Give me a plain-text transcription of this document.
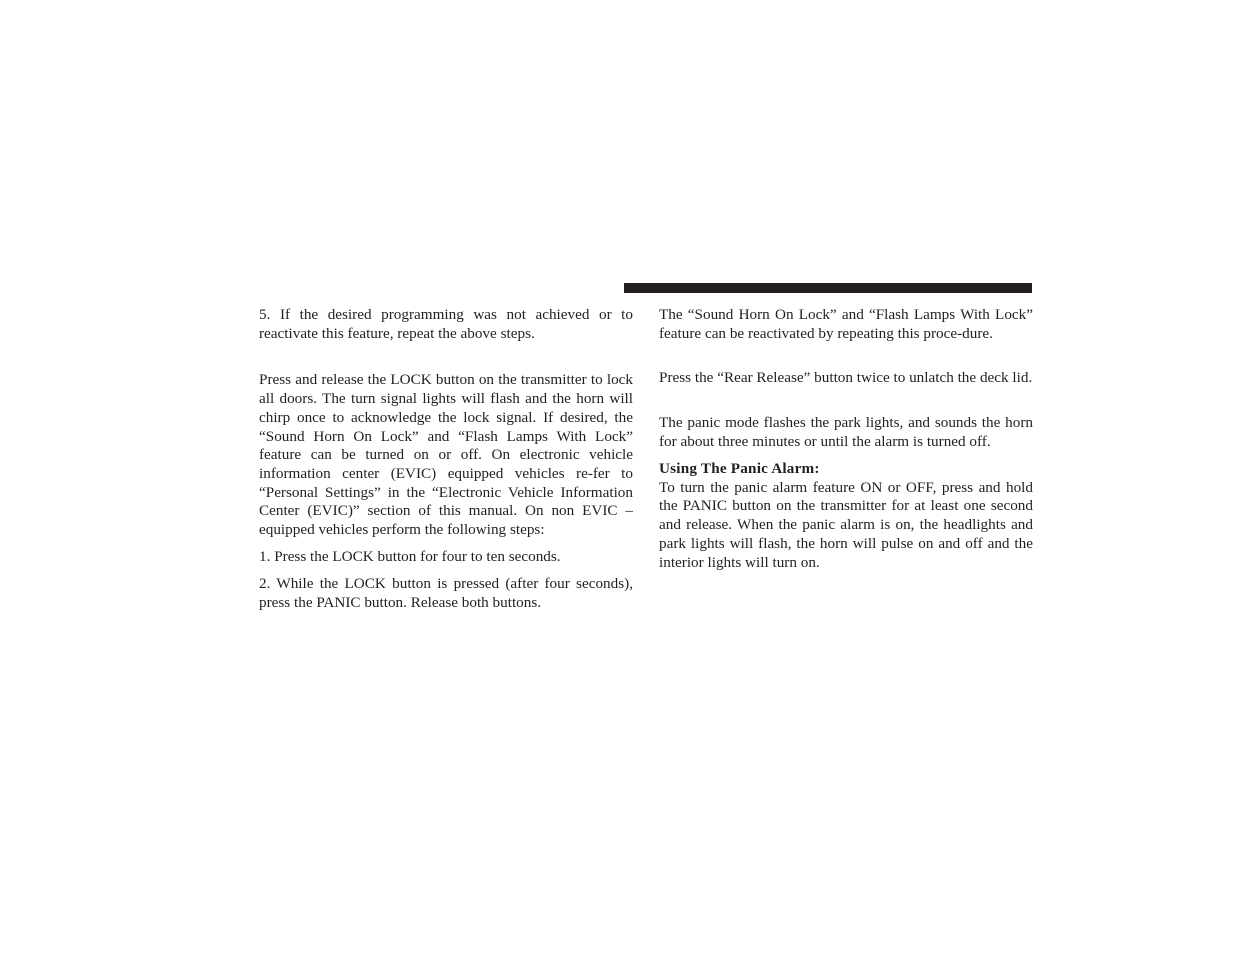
5. If the desired programming was not achieved or to reactivate this feature, repeat the above steps.

Press and release the LOCK button on the transmitter to lock all doors. The turn signal lights will flash and the horn will chirp once to acknowledge the lock signal. If desired, the “Sound Horn On Lock” and “Flash Lamps With Lock” feature can be turned on or off. On electronic vehicle information center (EVIC) equipped vehicles re-fer to “Personal Settings” in the “Electronic Vehicle Information Center (EVIC)” section of this manual. On non EVIC – equipped vehicles perform the following steps:

1. Press the LOCK button for four to ten seconds.

2. While the LOCK button is pressed (after four seconds), press the PANIC button. Release both buttons.

The “Sound Horn On Lock” and “Flash Lamps With Lock” feature can be reactivated by repeating this proce-dure.

Press the “Rear Release” button twice to unlatch the deck lid.

The panic mode flashes the park lights, and sounds the horn for about three minutes or until the alarm is turned off.

Using The Panic Alarm:

To turn the panic alarm feature ON or OFF, press and hold the PANIC button on the transmitter for at least one second and release. When the panic alarm is on, the headlights and park lights will flash, the horn will pulse on and off and the interior lights will turn on.
